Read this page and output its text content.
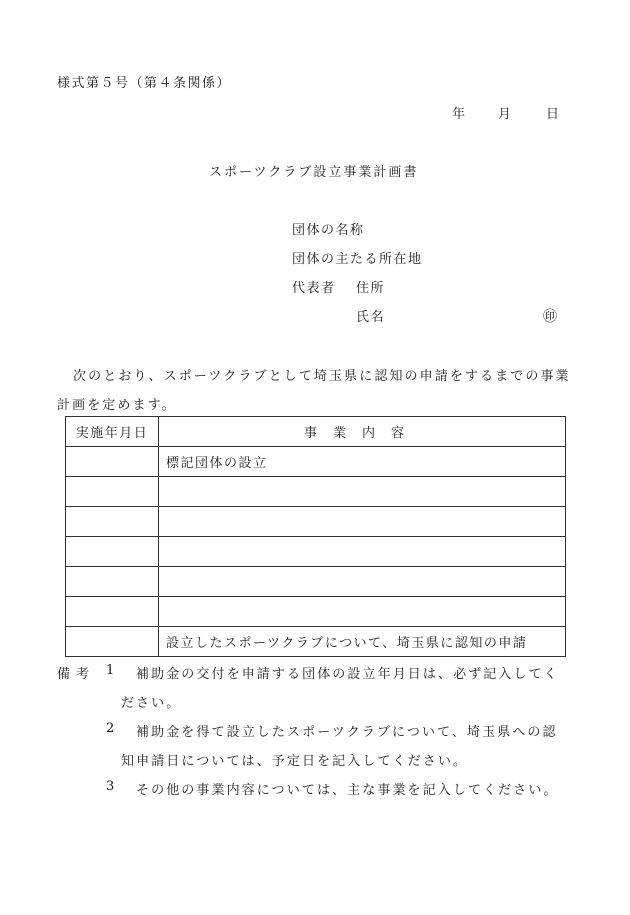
様式第５号（第４条関係）
年 月	日
スポーツクラブ設立事業計画書
団体の名称
団体の主たる所在地
代表者 住所
氏名	㊞
次のとおり、スポーツクラブとして埼玉県に認知の申請をするまでの事業計画を定めます。
実施年月日	事業内容
	標記団体の設立

	設立したスポーツクラブについて、埼玉県に認知の申請
備考 1 補助金の交付を申請する団体の設立年月日は、必ず記入してく
ださい。
2 補助金を得て設立したスポーツクラブについて、埼玉県への認
知申請日については、予定日を記入してください。
3 その他の事業内容については、主な事業を記入してください。
